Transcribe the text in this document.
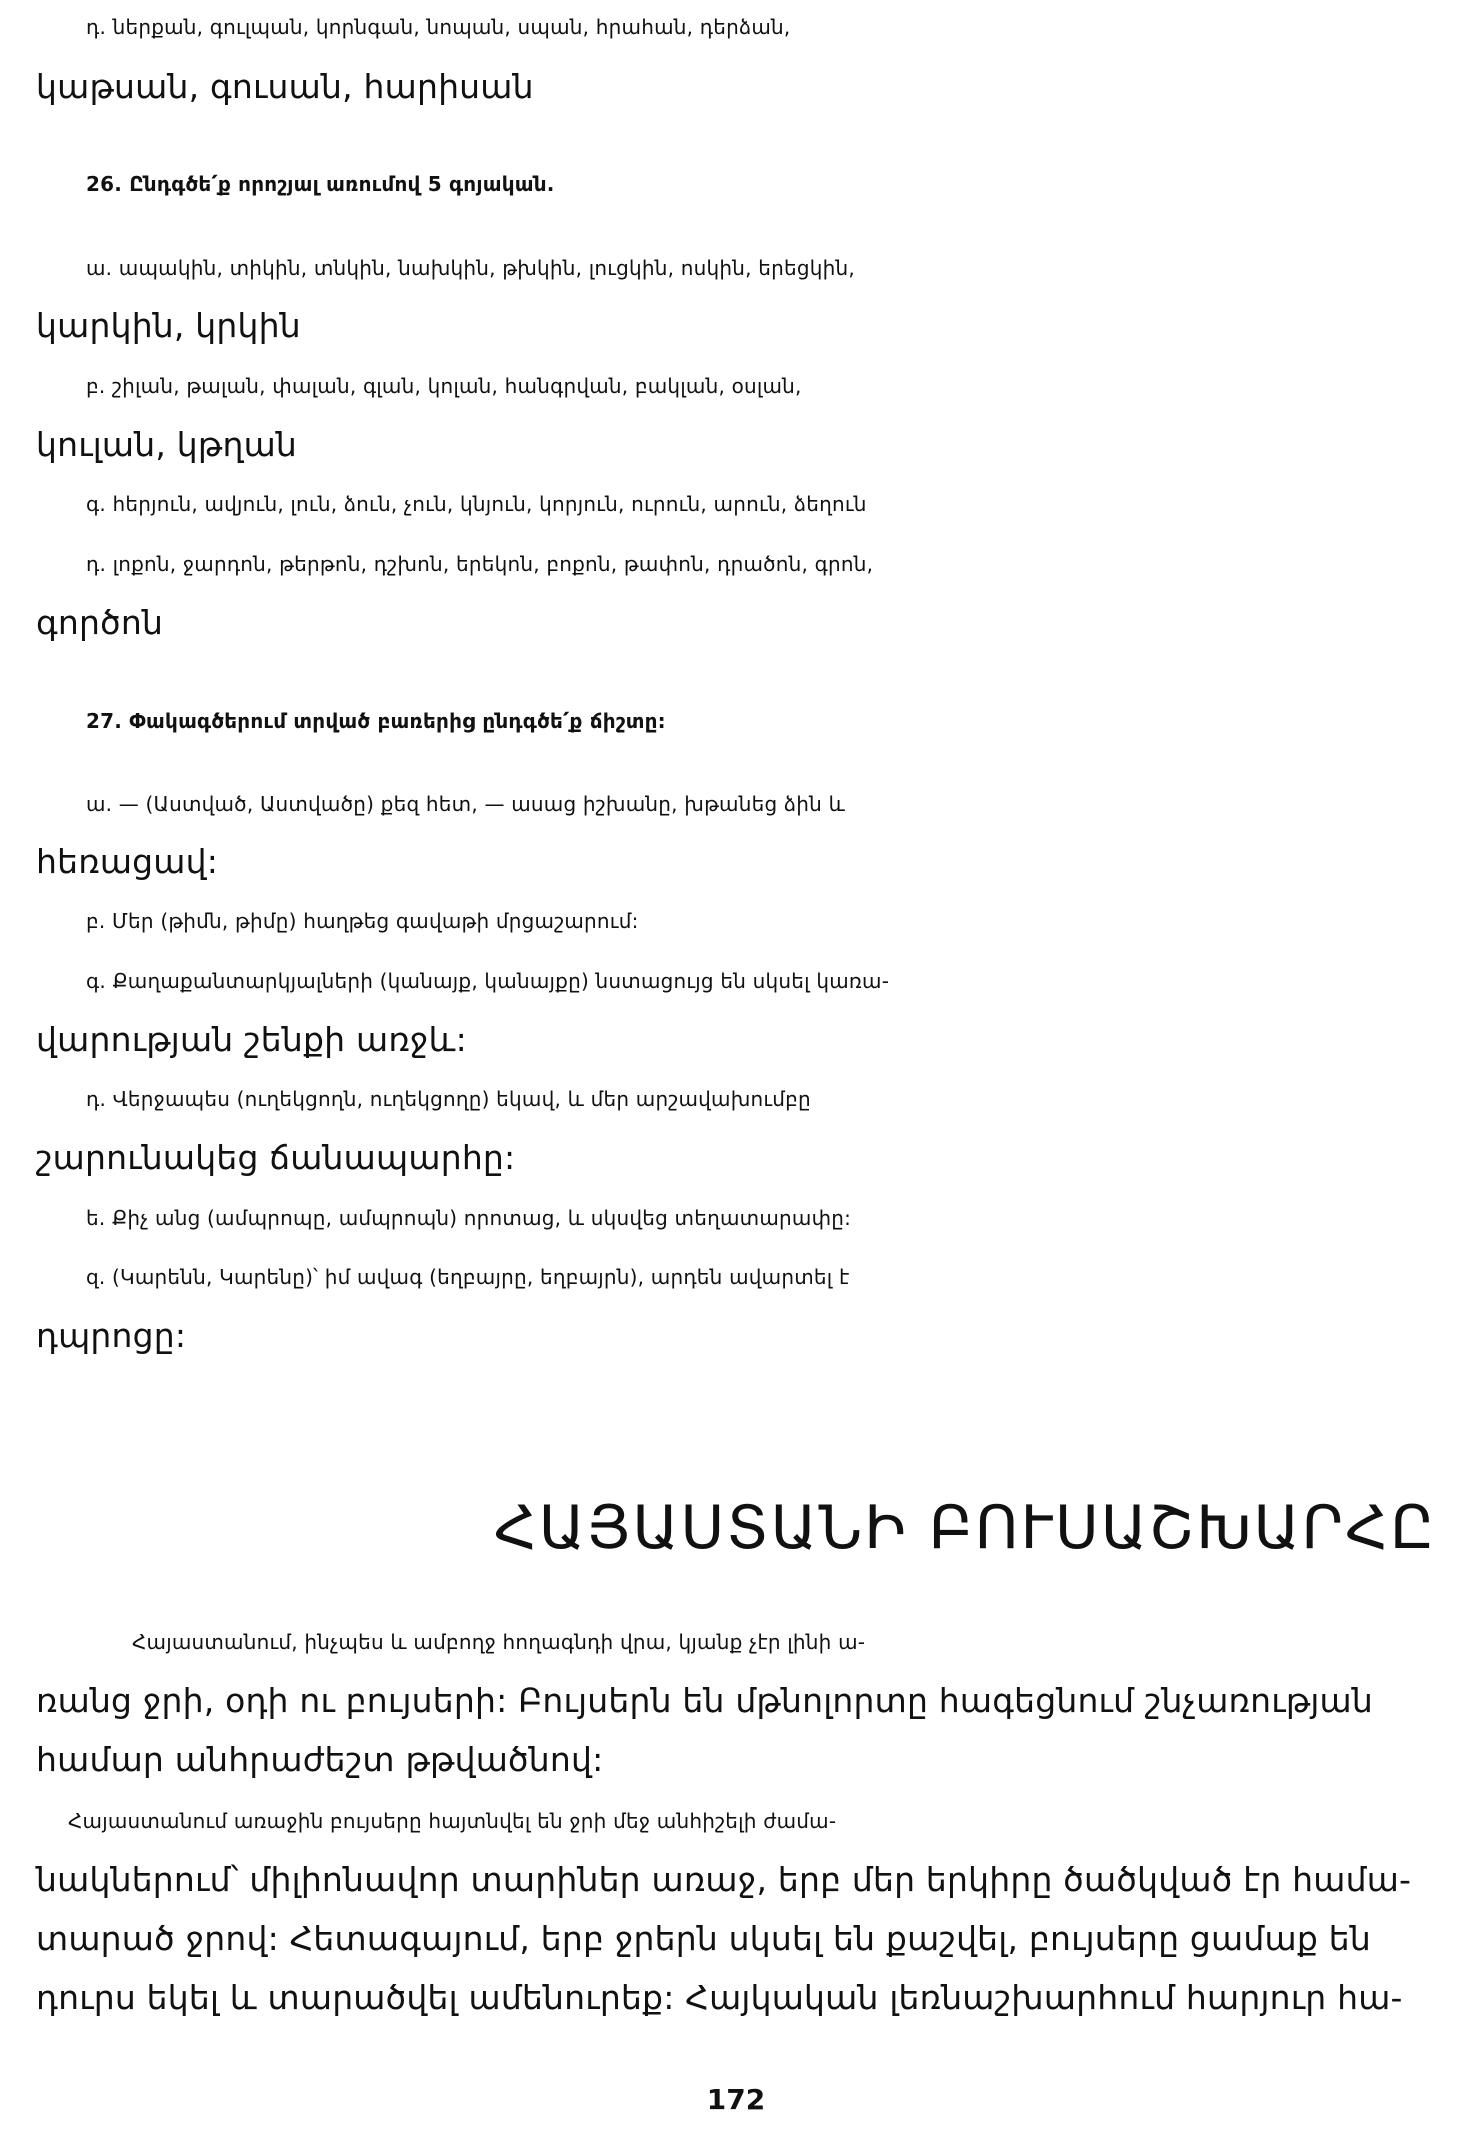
դ. ներքան, գուլպան, կորնգան, նոպան, սպան, հրահան, դերձան,
կաթսան, գուսան, հարիսան
26. Ընդգծե՛ք որոշյալ առումով 5 գոյական.
ա. ապակին, տիկին, տնկին, նախկին, թխկին, լուցկին, ոսկին, երեցկին,
կարկին, կրկին
բ. շիլան, թալան, փալան, գլան, կոլան, հանգրվան, բակլան, օսլան,
կուլան, կթղան
գ. հերյուն, ավյուն, լուն, ձուն, չուն, կնյուն, կորյուն, ուրուն, արուն, ձեղուն
դ. լոքոն, ջարդոն, թերթոն, դշխոն, երեկոն, բոքոն, թափոն, դրածոն, գրոն,
գործոն
27. Փակագծերում տրված բառերից ընդգծե՛ք ճիշտը:
ա. — (Աստված, Աստվածը) քեզ հետ, — ասաց իշխանը, խթանեց ձին և
հեռացավ:
բ. Մեր (թիմն, թիմը) հաղթեց գավաթի մրցաշարում:
գ. Քաղաքանտարկյալների (կանայք, կանայքը) նստացույց են սկսել կառա-
վարության շենքի առջև:
դ. Վերջապես (ուղեկցողն, ուղեկցողը) եկավ, և մեր արշավախումբը
շարունակեց ճանապարհը:
ե. Քիչ անց (ամպրոպը, ամպրոպն) որոտաց, և սկսվեց տեղատարափը:
զ. (Կարենն, Կարենը)՝ իմ ավագ (եղբայրը, եղբայրն), արդեն ավարտել է
դպրոցը:
ՀԱՅԱՍՏԱՆԻ ԲՈՒՍԱՇԽԱՐՀԸ
Հայաստանում, ինչպես և ամբողջ հողագնդի վրա, կյանք չէր լինի ա-
ռանց ջրի, օդի ու բույսերի: Բույսերն են մթնոլորտը հագեցնում շնչառության
համար անհրաժեշտ թթվածնով:
Հայաստանում առաջին բույսերը հայտնվել են ջրի մեջ անհիշելի ժամա-
նակներում՝ միլիոնավոր տարիներ առաջ, երբ մեր երկիրը ծածկված էր համա-
տարած ջրով: Հետագայում, երբ ջրերն սկսել են քաշվել, բույսերը ցամաք են
դուրս եկել և տարածվել ամենուրեք: Հայկական լեռնաշխարհում հարյուր հա-
172
